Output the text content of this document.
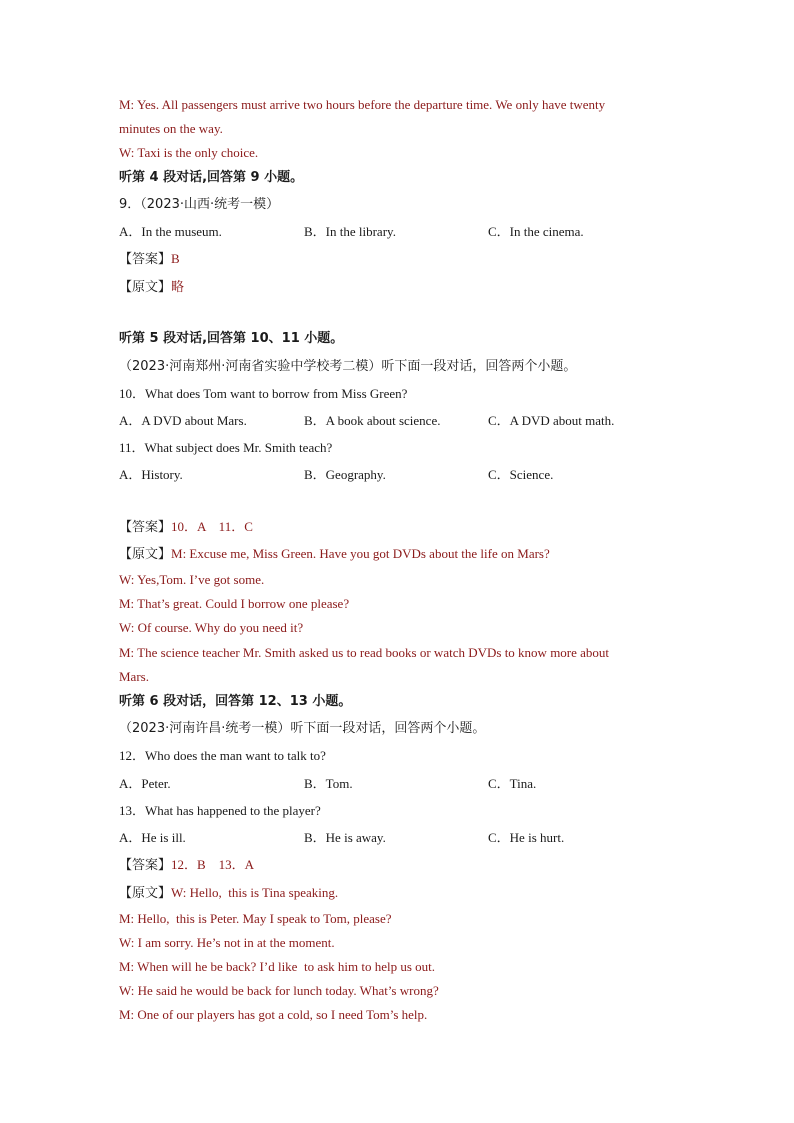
M: Yes. All passengers must arrive two hours before the departure time. We only have twenty
minutes on the way.
W: Taxi is the only choice.
听第 4 段对话,回答第 9 小题。
9．（2023·山西·统考一模）
A．In the museum.	B．In the library.	C．In the cinema.
【答案】B
【原文】略
听第 5 段对话,回答第 10、11 小题。
（2023·河南郑州·河南省实验中学校考二模）听下面一段对话，回答两个小题。
10．What does Tom want to borrow from Miss Green?
A．A DVD about Mars.	B．A book about science.	C．A DVD about math.
11．What subject does Mr. Smith teach?
A．History.	B．Geography.	C．Science.
【答案】10．A    11．C
【原文】M: Excuse me, Miss Green. Have you got DVDs about the life on Mars?
W: Yes,Tom. I’ve got some.
M: That’s great. Could I borrow one please?
W: Of course. Why do you need it?
M: The science teacher Mr. Smith asked us to read books or watch DVDs to know more about
Mars.
听第 6 段对话，回答第 12、13 小题。
（2023·河南许昌·统考一模）听下面一段对话，回答两个小题。
12．Who does the man want to talk to?
A．Peter.	B．Tom.	C．Tina.
13．What has happened to the player?
A．He is ill.	B．He is away.	C．He is hurt.
【答案】12．B    13．A
【原文】W: Hello,  this is Tina speaking.
M: Hello,  this is Peter. May I speak to Tom, please?
W: I am sorry. He’s not in at the moment.
M: When will he be back? I’d like  to ask him to help us out.
W: He said he would be back for lunch today. What’s wrong?
M: One of our players has got a cold, so I need Tom’s help.
